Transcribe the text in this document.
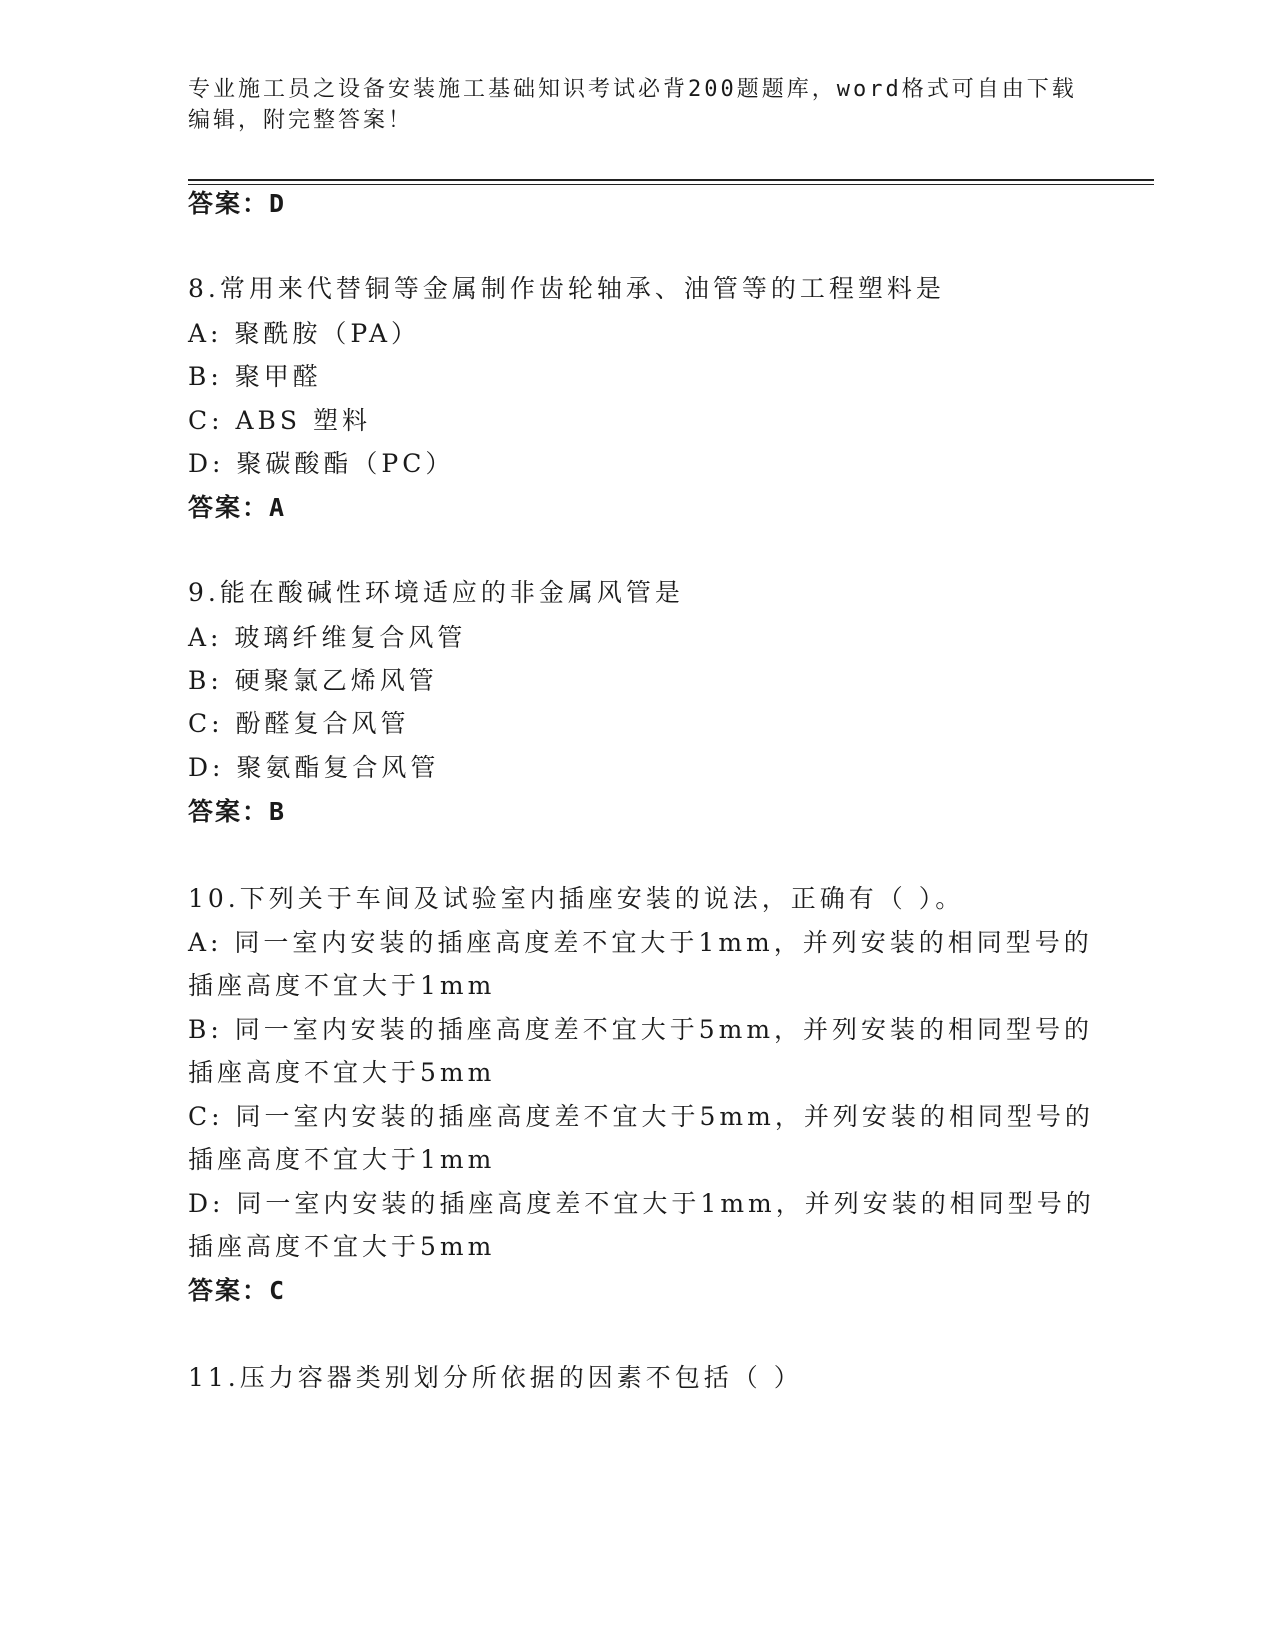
专业施工员之设备安装施工基础知识考试必背200题题库，word格式可自由下载
编辑，附完整答案！
答案：D
8.常用来代替铜等金属制作齿轮轴承、油管等的工程塑料是
A: 聚酰胺（PA）
B: 聚甲醛
C: ABS 塑料
D: 聚碳酸酯（PC）
答案：A
9.能在酸碱性环境适应的非金属风管是
A: 玻璃纤维复合风管
B: 硬聚氯乙烯风管
C: 酚醛复合风管
D: 聚氨酯复合风管
答案：B
10.下列关于车间及试验室内插座安装的说法，正确有（ ）。
A: 同一室内安装的插座高度差不宜大于1mm，并列安装的相同型号的
插座高度不宜大于1mm
B: 同一室内安装的插座高度差不宜大于5mm，并列安装的相同型号的
插座高度不宜大于5mm
C: 同一室内安装的插座高度差不宜大于5mm，并列安装的相同型号的
插座高度不宜大于1mm
D: 同一室内安装的插座高度差不宜大于1mm，并列安装的相同型号的
插座高度不宜大于5mm
答案：C
11.压力容器类别划分所依据的因素不包括（ ）
